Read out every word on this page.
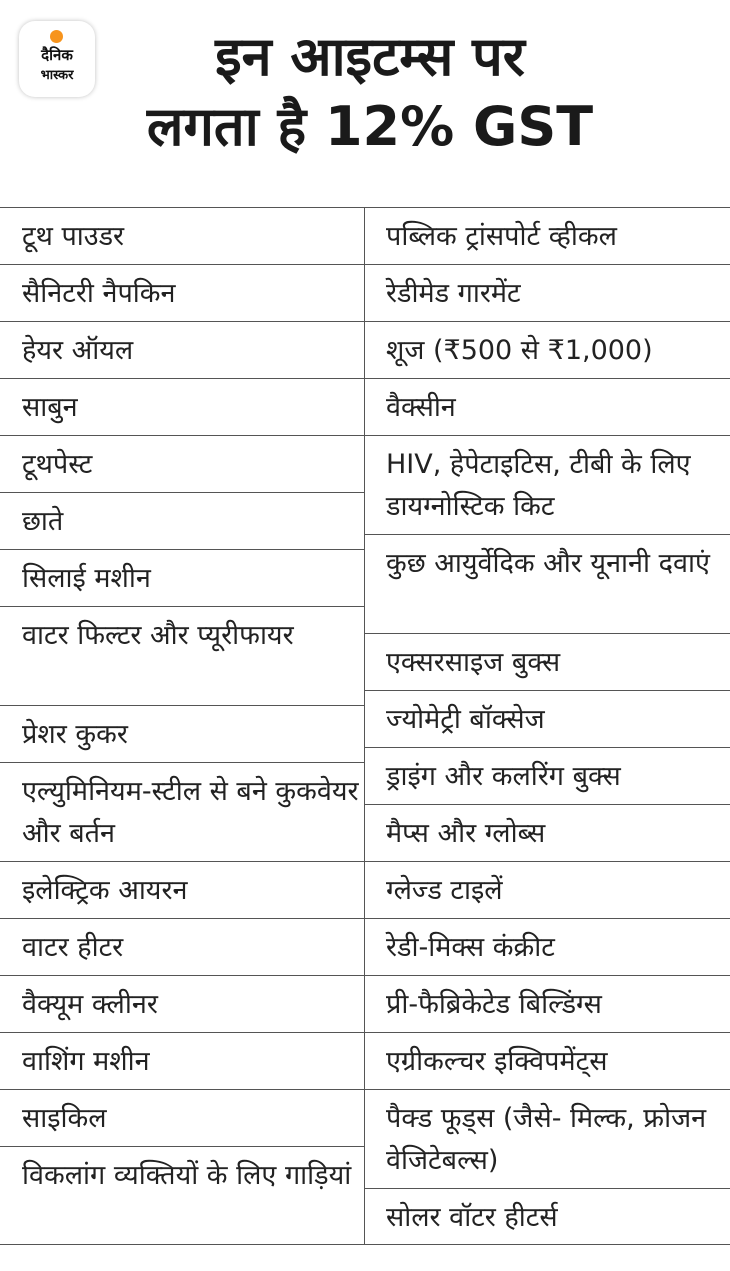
दैनिक
भास्कर	इन आइटम्स पर
लगता है 12% GST
टूथ पाउडर
सैनिटरी नैपकिन
हेयर ऑयल
साबुन
टूथपेस्ट
छाते
सिलाई मशीन
वाटर फिल्टर और प्यूरीफायर
प्रेशर कुकर
एल्युमिनियम-स्टील से बने कुकवेयर और बर्तन
इलेक्ट्रिक आयरन
वाटर हीटर
वैक्यूम क्लीनर
वाशिंग मशीन
साइकिल
विकलांग व्यक्तियों के लिए गाड़ियां
पब्लिक ट्रांसपोर्ट व्हीकल
रेडीमेड गारमेंट
शूज (₹500 से ₹1,000)
वैक्सीन
HIV, हेपेटाइटिस, टीबी के लिए डायग्नोस्टिक किट
कुछ आयुर्वेदिक और यूनानी दवाएं
एक्सरसाइज बुक्स
ज्योमेट्री बॉक्सेज
ड्राइंग और कलरिंग बुक्स
मैप्स और ग्लोब्स
ग्लेज्ड टाइलें
रेडी-मिक्स कंक्रीट
प्री-फैब्रिकेटेड बिल्डिंग्स
एग्रीकल्चर इक्विपमेंट्स
पैक्ड फूड्स (जैसे- मिल्क, फ्रोजन वेजिटेबल्स)
सोलर वॉटर हीटर्स
